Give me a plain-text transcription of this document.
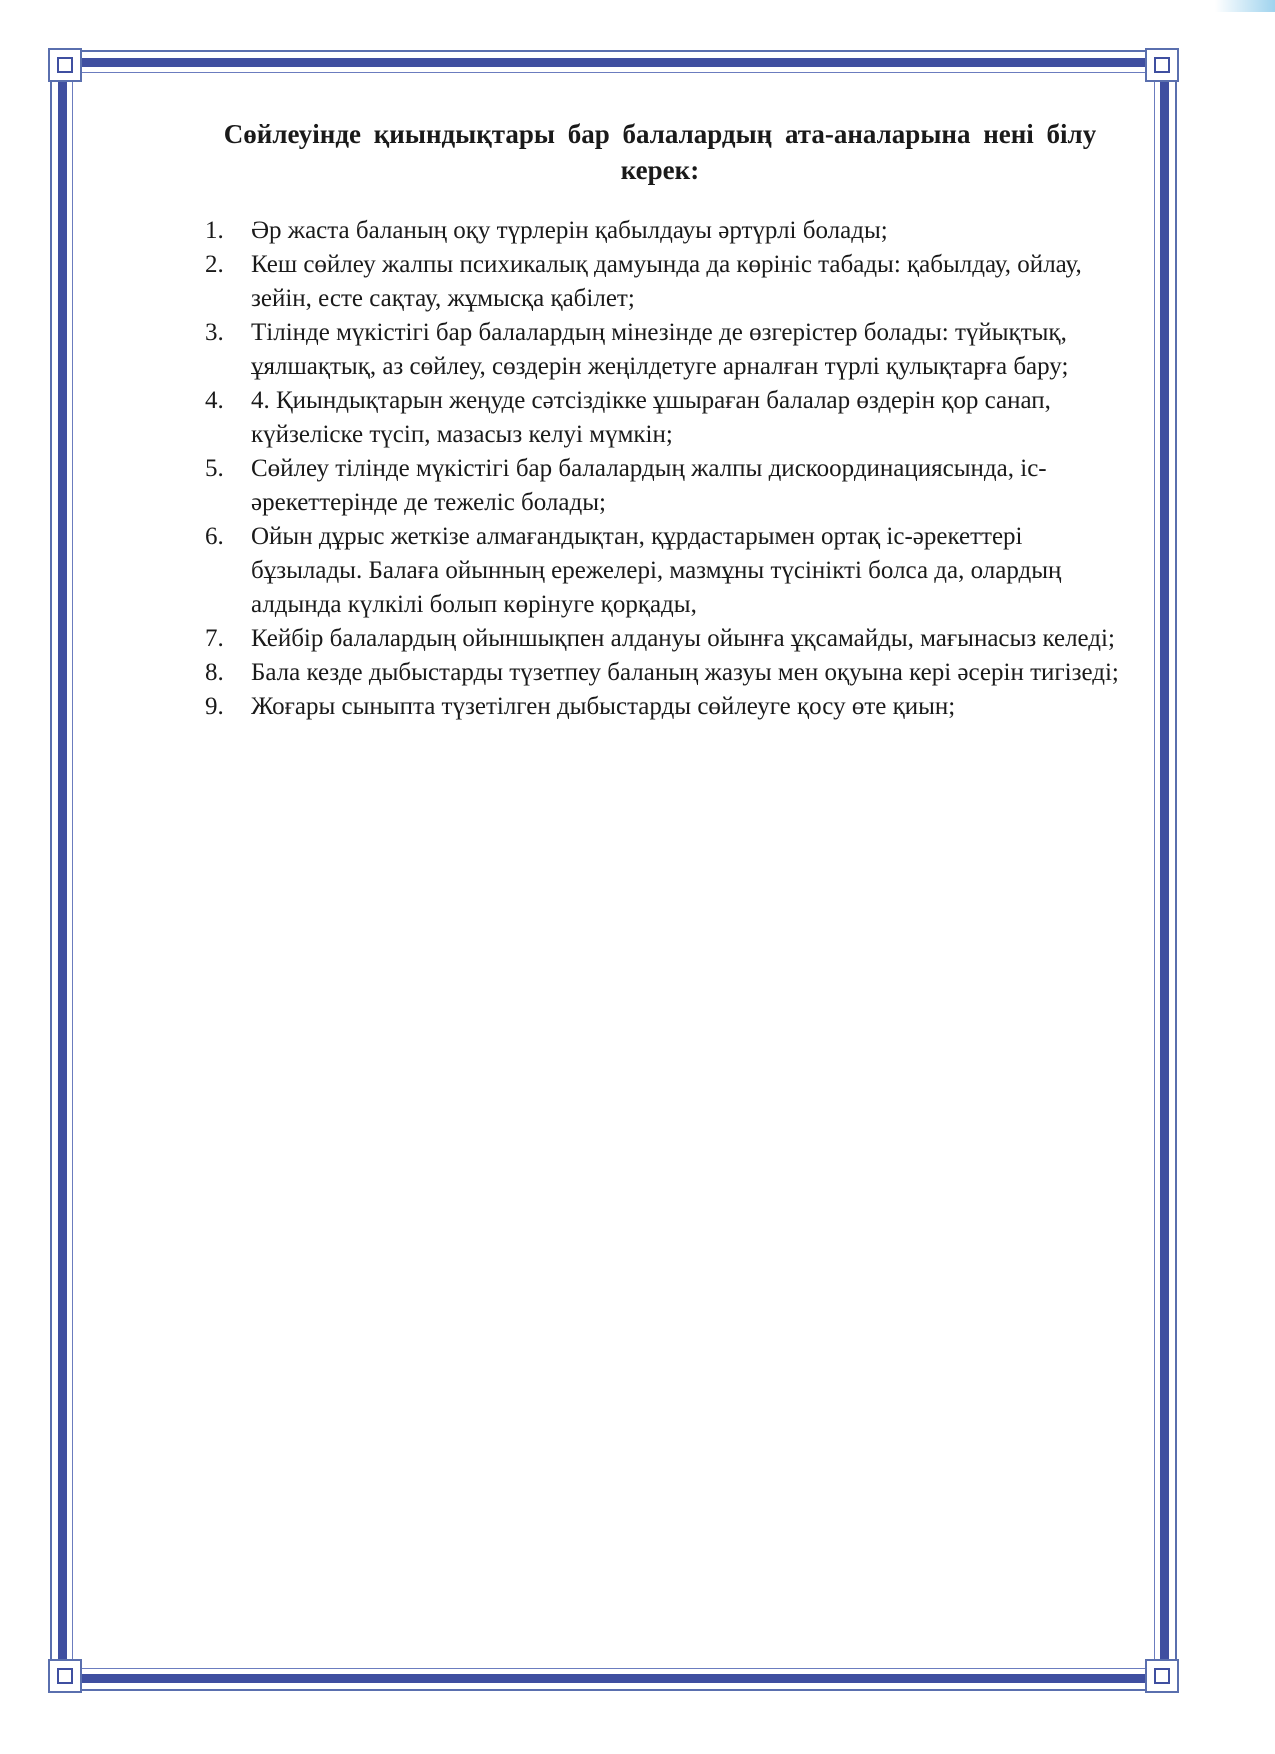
Сөйлеуінде қиындықтары бар балалардың ата-аналарына нені білу керек:
1.	Әр жаста баланың оқу түрлерін қабылдауы әртүрлі болады;
2.	Кеш сөйлеу жалпы психикалық дамуында да көрініс табады: қабылдау, ойлау, зейін, есте сақтау, жұмысқа қабілет;
3.	Тілінде мүкістігі бар балалардың мінезінде де өзгерістер болады: түйықтық, ұялшақтық, аз сөйлеу, сөздерін жеңілдетуге арналған түрлі қулықтарға бару;
4.	4. Қиындықтарын жеңуде сәтсіздікке ұшыраған балалар өздерін қор санап, күйзеліске түсіп, мазасыз келуі мүмкін;
5.	Сөйлеу тілінде мүкістігі бар балалардың жалпы дискоординациясында, іс-әрекеттерінде де тежеліс болады;
6.	Ойын дұрыс жеткізе алмағандықтан, құрдастарымен ортақ іс-әрекеттері бұзылады. Балаға ойынның ережелері, мазмұны түсінікті болса да, олардың алдында күлкілі болып көрінуге қорқады,
7.	Кейбір балалардың ойыншықпен алдануы ойынға ұқсамайды, мағынасыз келеді;
8.	Бала кезде дыбыстарды түзетпеу баланың жазуы мен оқуына кері әсерін тигізеді;
9.	Жоғары сыныпта түзетілген дыбыстарды сөйлеуге қосу өте қиын;
